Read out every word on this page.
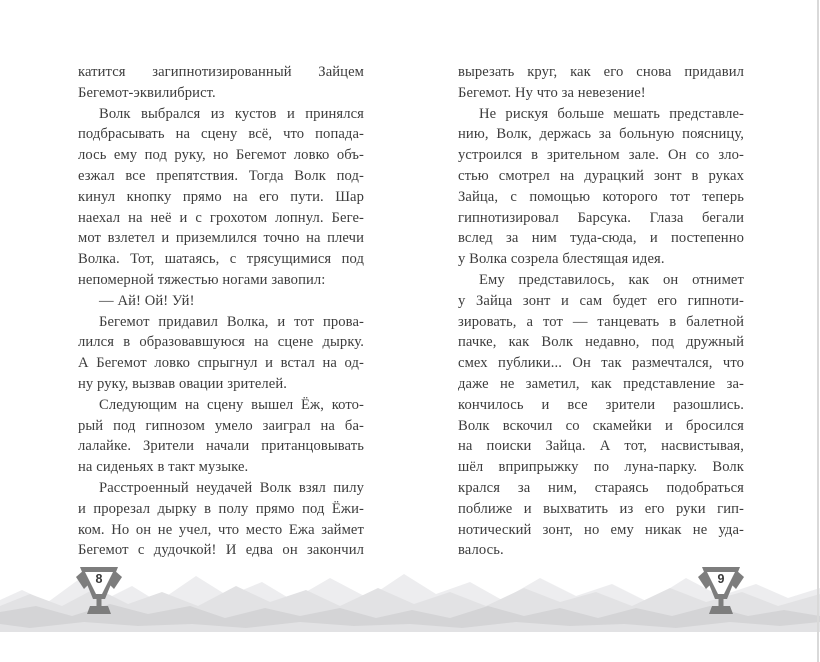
катится загипнотизированный Зайцем
Бегемот-эквилибрист.
Волк выбрался из кустов и принялся
подбрасывать на сцену всё, что попада-
лось ему под руку, но Бегемот ловко объ-
езжал все препятствия. Тогда Волк под-
кинул кнопку прямо на его пути. Шар
наехал на неё и с грохотом лопнул. Беге-
мот взлетел и приземлился точно на плечи
Волка. Тот, шатаясь, с трясущимися под
непомерной тяжестью ногами завопил:
— Ай! Ой! Уй!
Бегемот придавил Волка, и тот прова-
лился в образовавшуюся на сцене дырку.
А Бегемот ловко спрыгнул и встал на од-
ну руку, вызвав овации зрителей.
Следующим на сцену вышел Ёж, кото-
рый под гипнозом умело заиграл на ба-
лалайке. Зрители начали пританцовывать
на сиденьях в такт музыке.
Расстроенный неудачей Волк взял пилу
и прорезал дырку в полу прямо под Ёжи-
ком. Но он не учел, что место Ежа займет
Бегемот с дудочкой! И едва он закончил
вырезать круг, как его снова придавил
Бегемот. Ну что за невезение!
Не рискуя больше мешать представле-
нию, Волк, держась за больную поясницу,
устроился в зрительном зале. Он со зло-
стью смотрел на дурацкий зонт в руках
Зайца, с помощью которого тот теперь
гипнотизировал Барсука. Глаза бегали
вслед за ним туда-сюда, и постепенно
у Волка созрела блестящая идея.
Ему представилось, как он отнимет
у Зайца зонт и сам будет его гипноти-
зировать, а тот — танцевать в балетной
пачке, как Волк недавно, под дружный
смех публики... Он так размечтался, что
даже не заметил, как представление за-
кончилось и все зрители разошлись.
Волк вскочил со скамейки и бросился
на поиски Зайца. А тот, насвистывая,
шёл вприпрыжку по луна-парку. Волк
крался за ним, стараясь подобраться
поближе и выхватить из его руки гип-
нотический зонт, но ему никак не уда-
валось.
8	9
